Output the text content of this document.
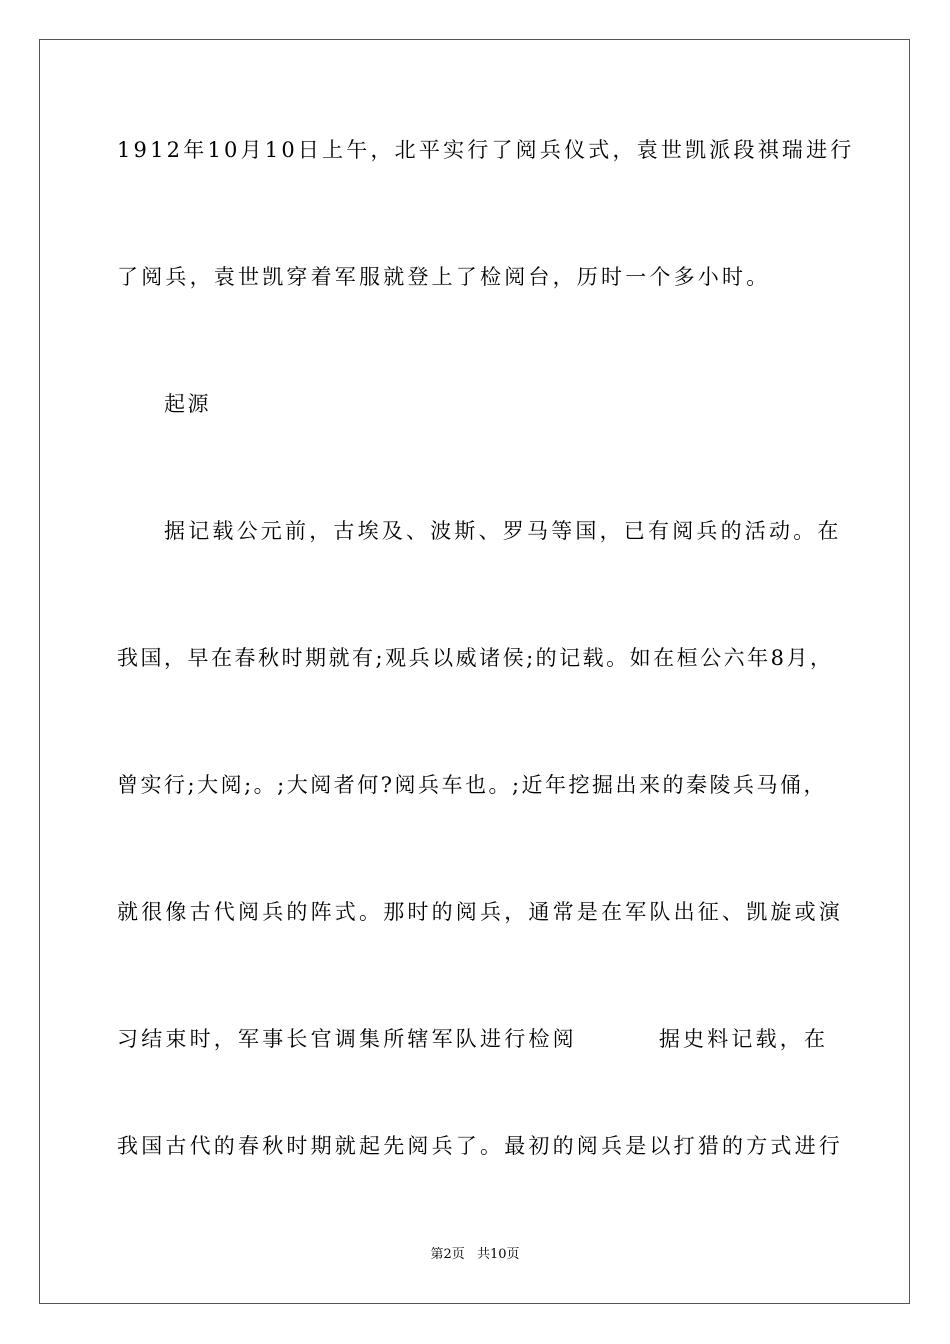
1912年10月10日上午，北平实行了阅兵仪式，袁世凯派段祺瑞进行
了阅兵，袁世凯穿着军服就登上了检阅台，历时一个多小时。
起源
据记载公元前，古埃及、波斯、罗马等国，已有阅兵的活动。在
我国，早在春秋时期就有;观兵以威诸侯;的记载。如在桓公六年8月，
曾实行;大阅;。;大阅者何?阅兵车也。;近年挖掘出来的秦陵兵马俑，
就很像古代阅兵的阵式。那时的阅兵，通常是在军队出征、凯旋或演
习结束时，军事长官调集所辖军队进行检阅	据史料记载，在
我国古代的春秋时期就起先阅兵了。最初的阅兵是以打猎的方式进行
第2页 共10页
